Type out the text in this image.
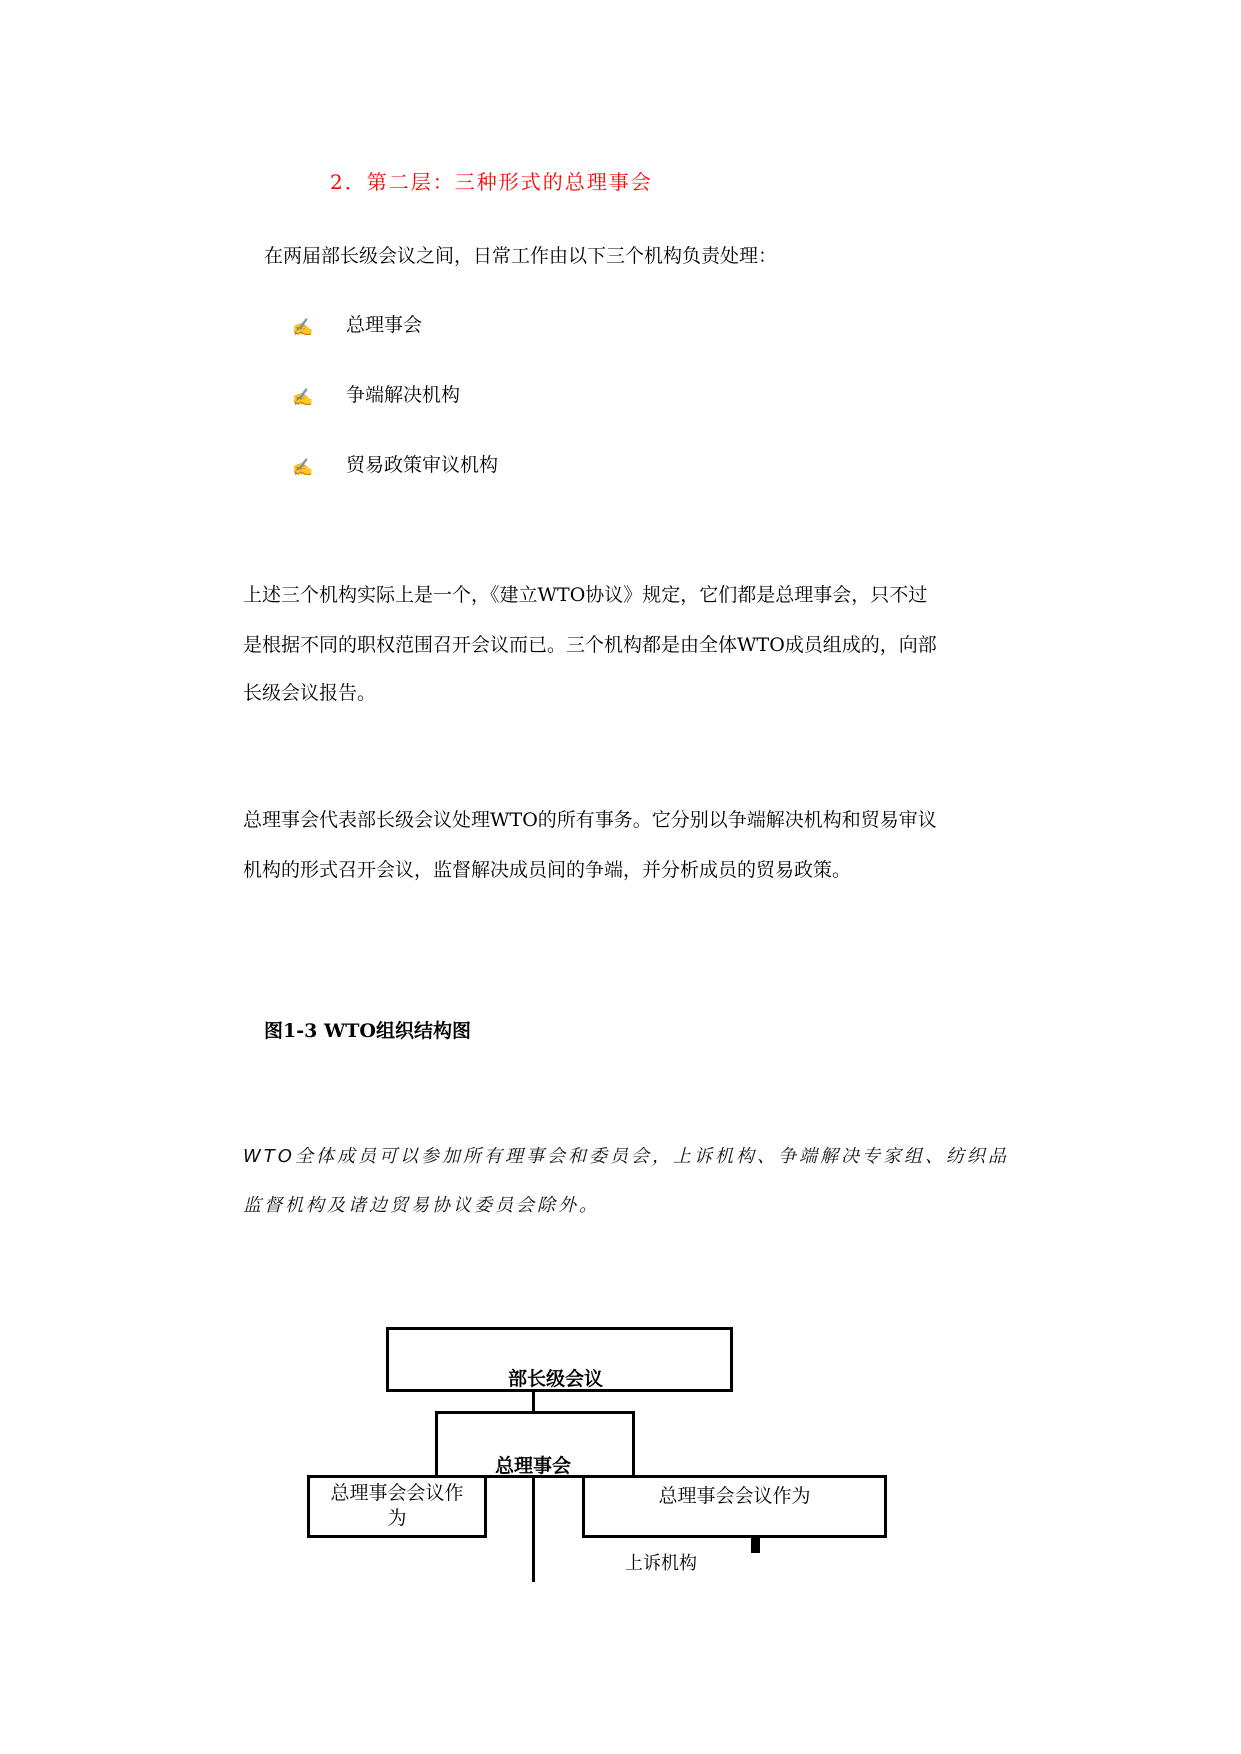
2．第二层：三种形式的总理事会
在两届部长级会议之间，日常工作由以下三个机构负责处理：
✍ 总理事会
✍ 争端解决机构
✍ 贸易政策审议机构
上述三个机构实际上是一个，《建立WTO协议》规定，它们都是总理事会，只不过
是根据不同的职权范围召开会议而已。三个机构都是由全体WTO成员组成的，向部
长级会议报告。
总理事会代表部长级会议处理WTO的所有事务。它分别以争端解决机构和贸易审议
机构的形式召开会议，监督解决成员间的争端，并分析成员的贸易政策。
图1-3 WTO组织结构图
WTO全体成员可以参加所有理事会和委员会，上诉机构、争端解决专家组、纺织品
监督机构及诸边贸易协议委员会除外。
部长级会议
总理事会
总理事会会议作
为
总理事会会议作为
上诉机构
